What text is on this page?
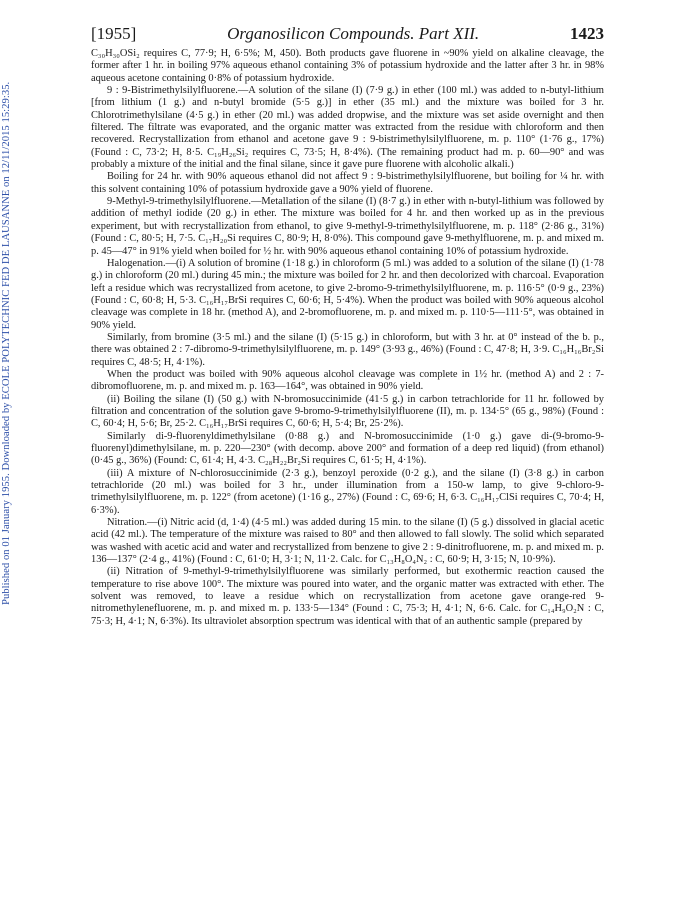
Published on 01 January 1955. Downloaded by ECOLE POLYTECHNIC FED DE LAUSANNE on 12/11/2015 15:29:35.
[1955]	Organosilicon Compounds. Part XII.	1423

C₃₀H₃₀OSi₂ requires C, 77·9; H, 6·5%; M, 450). Both products gave fluorene in ~90% yield on alkaline cleavage, the former after 1 hr. in boiling 97% aqueous ethanol containing 3% of potassium hydroxide and the latter after 3 hr. in 98% aqueous acetone containing 0·8% of potassium hydroxide.

9 : 9-Bistrimethylsilylfluorene.—A solution of the silane (I) (7·9 g.) in ether (100 ml.) was added to n-butyl-lithium [from lithium (1 g.) and n-butyl bromide (5·5 g.)] in ether (35 ml.) and the mixture was boiled for 3 hr. Chlorotrimethylsilane (4·5 g.) in ether (20 ml.) was added dropwise, and the mixture was set aside overnight and then filtered. The filtrate was evaporated, and the organic matter was extracted from the residue with chloroform and then recovered. Recrystallization from ethanol and acetone gave 9 : 9-bistrimethylsilylfluorene, m. p. 110° (1·76 g., 17%) (Found : C, 73·2; H, 8·5. C₁₉H₂₆Si₂ requires C, 73·5; H, 8·4%). (The remaining product had m. p. 60—90° and was probably a mixture of the initial and the final silane, since it gave pure fluorene with alcoholic alkali.)

Boiling for 24 hr. with 90% aqueous ethanol did not affect 9 : 9-bistrimethylsilylfluorene, but boiling for ¼ hr. with this solvent containing 10% of potassium hydroxide gave a 90% yield of fluorene.

9-Methyl-9-trimethylsilylfluorene.—Metallation of the silane (I) (8·7 g.) in ether with n-butyl-lithium was followed by addition of methyl iodide (20 g.) in ether. The mixture was boiled for 4 hr. and then worked up as in the previous experiment, but with recrystallization from ethanol, to give 9-methyl-9-trimethylsilylfluorene, m. p. 118° (2·86 g., 31%) (Found : C, 80·5; H, 7·5. C₁₇H₂₀Si requires C, 80·9; H, 8·0%). This compound gave 9-methylfluorene, m. p. and mixed m. p. 45—47° in 91% yield when boiled for ½ hr. with 90% aqueous ethanol containing 10% of potassium hydroxide.

Halogenation.—(i) A solution of bromine (1·18 g.) in chloroform (5 ml.) was added to a solution of the silane (I) (1·78 g.) in chloroform (20 ml.) during 45 min.; the mixture was boiled for 2 hr. and then decolorized with charcoal. Evaporation left a residue which was recrystallized from acetone, to give 2-bromo-9-trimethylsilylfluorene, m. p. 116·5° (0·9 g., 23%) (Found : C, 60·8; H, 5·3. C₁₆H₁₇BrSi requires C, 60·6; H, 5·4%). When the product was boiled with 90% aqueous alcohol cleavage was complete in 18 hr. (method A), and 2-bromofluorene, m. p. and mixed m. p. 110·5—111·5°, was obtained in 90% yield.

Similarly, from bromine (3·5 ml.) and the silane (I) (5·15 g.) in chloroform, but with 3 hr. at 0° instead of the b. p., there was obtained 2 : 7-dibromo-9-trimethylsilylfluorene, m. p. 149° (3·93 g., 46%) (Found : C, 47·8; H, 3·9. C₁₆H₁₆Br₂Si requires C, 48·5; H, 4·1%).

When the product was boiled with 90% aqueous alcohol cleavage was complete in 1½ hr. (method A) and 2 : 7-dibromofluorene, m. p. and mixed m. p. 163—164°, was obtained in 90% yield.

(ii) Boiling the silane (I) (50 g.) with N-bromosuccinimide (41·5 g.) in carbon tetrachloride for 11 hr. followed by filtration and concentration of the solution gave 9-bromo-9-trimethylsilylfluorene (II), m. p. 134·5° (65 g., 98%) (Found : C, 60·4; H, 5·6; Br, 25·2. C₁₆H₁₇BrSi requires C, 60·6; H, 5·4; Br, 25·2%).

Similarly di-9-fluorenyldimethylsilane (0·88 g.) and N-bromosuccinimide (1·0 g.) gave di-(9-bromo-9-fluorenyl)dimethylsilane, m. p. 220—230° (with decomp. above 200° and formation of a deep red liquid) (from ethanol) (0·45 g., 36%) (Found: C, 61·4; H, 4·3. C₂₈H₂₂Br₂Si requires C, 61·5; H, 4·1%).

(iii) A mixture of N-chlorosuccinimide (2·3 g.), benzoyl peroxide (0·2 g.), and the silane (I) (3·8 g.) in carbon tetrachloride (20 ml.) was boiled for 3 hr., under illumination from a 150-w lamp, to give 9-chloro-9-trimethylsilylfluorene, m. p. 122° (from acetone) (1·16 g., 27%) (Found : C, 69·6; H, 6·3. C₁₆H₁₇ClSi requires C, 70·4; H, 6·3%).

Nitration.—(i) Nitric acid (d, 1·4) (4·5 ml.) was added during 15 min. to the silane (I) (5 g.) dissolved in glacial acetic acid (42 ml.). The temperature of the mixture was raised to 80° and then allowed to fall slowly. The solid which separated was washed with acetic acid and water and recrystallized from benzene to give 2 : 9-dinitrofluorene, m. p. and mixed m. p. 136—137° (2·4 g., 41%) (Found : C, 61·0; H, 3·1; N, 11·2. Calc. for C₁₃H₈O₄N₂ : C, 60·9; H, 3·15; N, 10·9%).

(ii) Nitration of 9-methyl-9-trimethylsilylfluorene was similarly performed, but exothermic reaction caused the temperature to rise above 100°. The mixture was poured into water, and the organic matter was extracted with ether. The solvent was removed, to leave a residue which on recrystallization from acetone gave orange-red 9-nitromethylenefluorene, m. p. and mixed m. p. 133·5—134° (Found : C, 75·3; H, 4·1; N, 6·6. Calc. for C₁₄H₉O₂N : C, 75·3; H, 4·1; N, 6·3%). Its ultraviolet absorption spectrum was identical with that of an authentic sample (prepared by
